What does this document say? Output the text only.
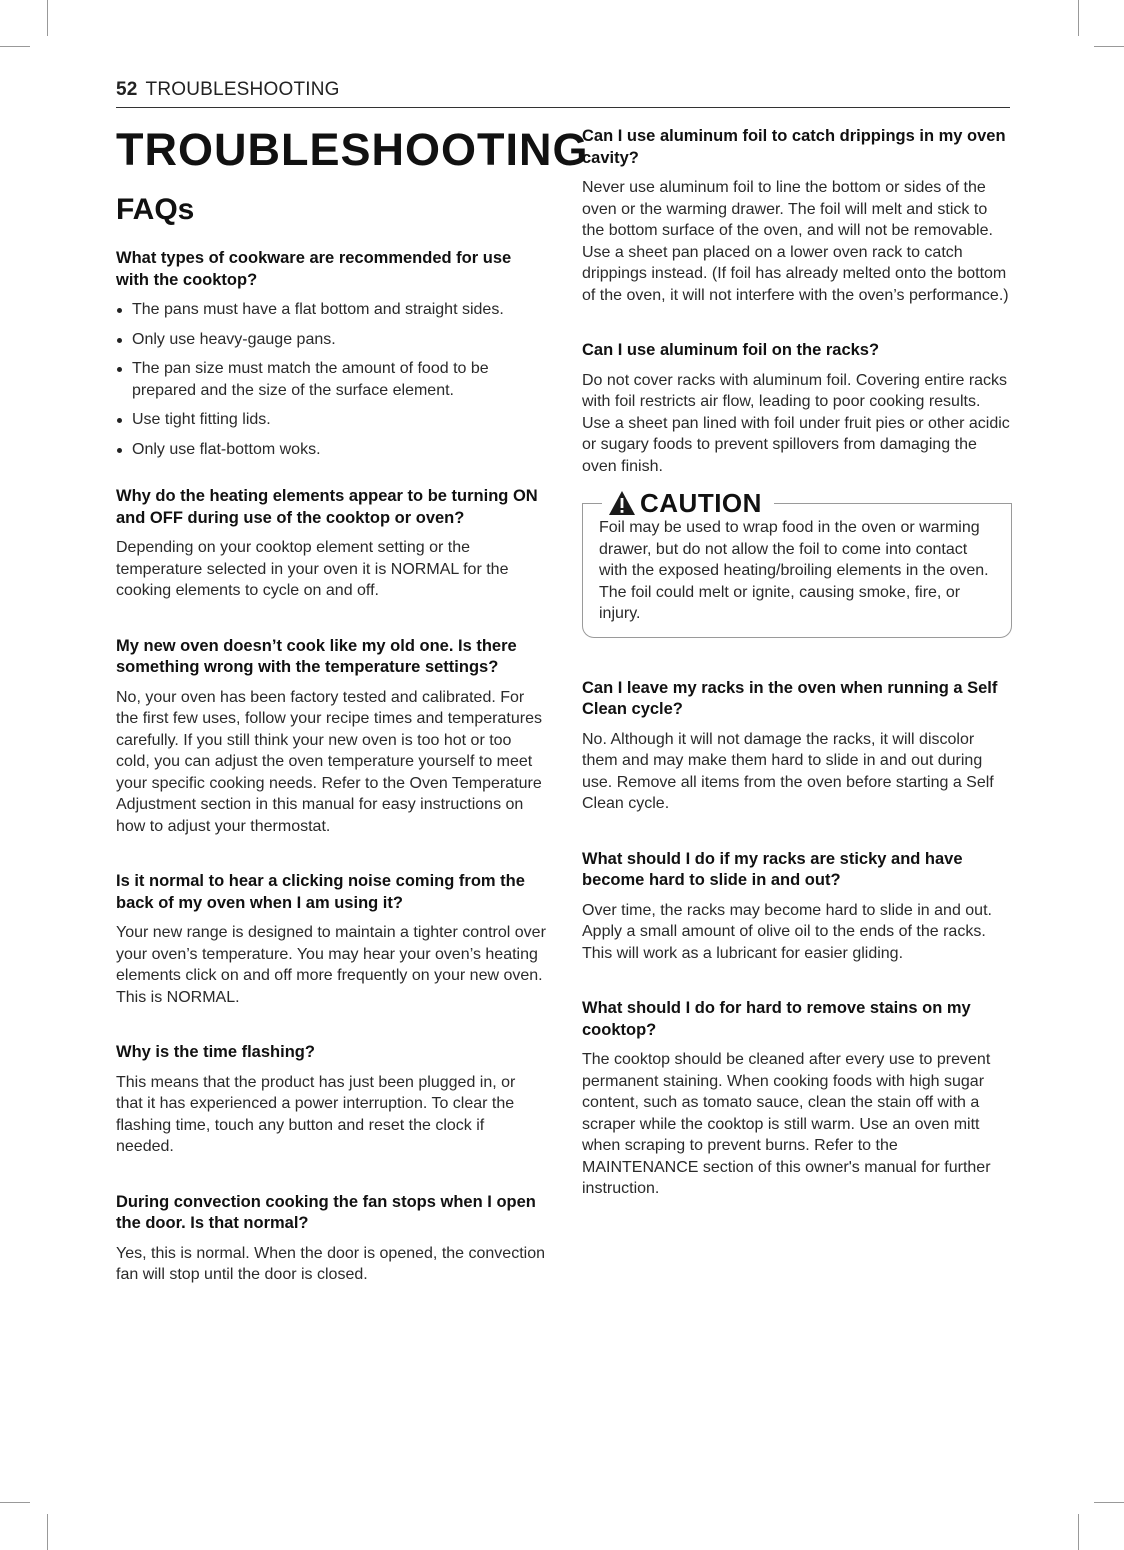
52 TROUBLESHOOTING
TROUBLESHOOTING
FAQs
What types of cookware are recommended for use with the cooktop?
The pans must have a flat bottom and straight sides.
Only use heavy-gauge pans.
The pan size must match the amount of food to be prepared and the size of the surface element.
Use tight fitting lids.
Only use flat-bottom woks.
Why do the heating elements appear to be turning ON and OFF during use of the cooktop or oven?

Depending on your cooktop element setting or the temperature selected in your oven it is NORMAL for the cooking elements to cycle on and off.

My new oven doesn’t cook like my old one. Is there something wrong with the temperature settings?

No, your oven has been factory tested and calibrated. For the first few uses, follow your recipe times and temperatures carefully. If you still think your new oven is too hot or too cold, you can adjust the oven temperature yourself to meet your specific cooking needs. Refer to the Oven Temperature Adjustment section in this manual for easy instructions on how to adjust your thermostat.

Is it normal to hear a clicking noise coming from the back of my oven when I am using it?

Your new range is designed to maintain a tighter control over your oven’s temperature. You may hear your oven’s heating elements click on and off more frequently on your new oven. This is NORMAL.

Why is the time flashing?

This means that the product has just been plugged in, or that it has experienced a power interruption. To clear the flashing time, touch any button and reset the clock if needed.

During convection cooking the fan stops when I open the door. Is that normal?

Yes, this is normal. When the door is opened, the convection fan will stop until the door is closed.

Can I use aluminum foil to catch drippings in my oven cavity?

Never use aluminum foil to line the bottom or sides of the oven or the warming drawer. The foil will melt and stick to the bottom surface of the oven, and will not be removable. Use a sheet pan placed on a lower oven rack to catch drippings instead. (If foil has already melted onto the bottom of the oven, it will not interfere with the oven’s performance.)

Can I use aluminum foil on the racks?

Do not cover racks with aluminum foil. Covering entire racks with foil restricts air flow, leading to poor cooking results. Use a sheet pan lined with foil under fruit pies or other acidic or sugary foods to prevent spillovers from damaging the oven finish.

CAUTION

Foil may be used to wrap food in the oven or warming drawer, but do not allow the foil to come into contact with the exposed heating/broiling elements in the oven. The foil could melt or ignite, causing smoke, fire, or injury.

Can I leave my racks in the oven when running a Self Clean cycle?

No. Although it will not damage the racks, it will discolor them and may make them hard to slide in and out during use. Remove all items from the oven before starting a Self Clean cycle.

What should I do if my racks are sticky and have become hard to slide in and out?

Over time, the racks may become hard to slide in and out. Apply a small amount of olive oil to the ends of the racks. This will work as a lubricant for easier gliding.

What should I do for hard to remove stains on my cooktop?

The cooktop should be cleaned after every use to prevent permanent staining. When cooking foods with high sugar content, such as tomato sauce, clean the stain off with a scraper while the cooktop is still warm. Use an oven mitt when scraping to prevent burns. Refer to the MAINTENANCE section of this owner's manual for further instruction.
